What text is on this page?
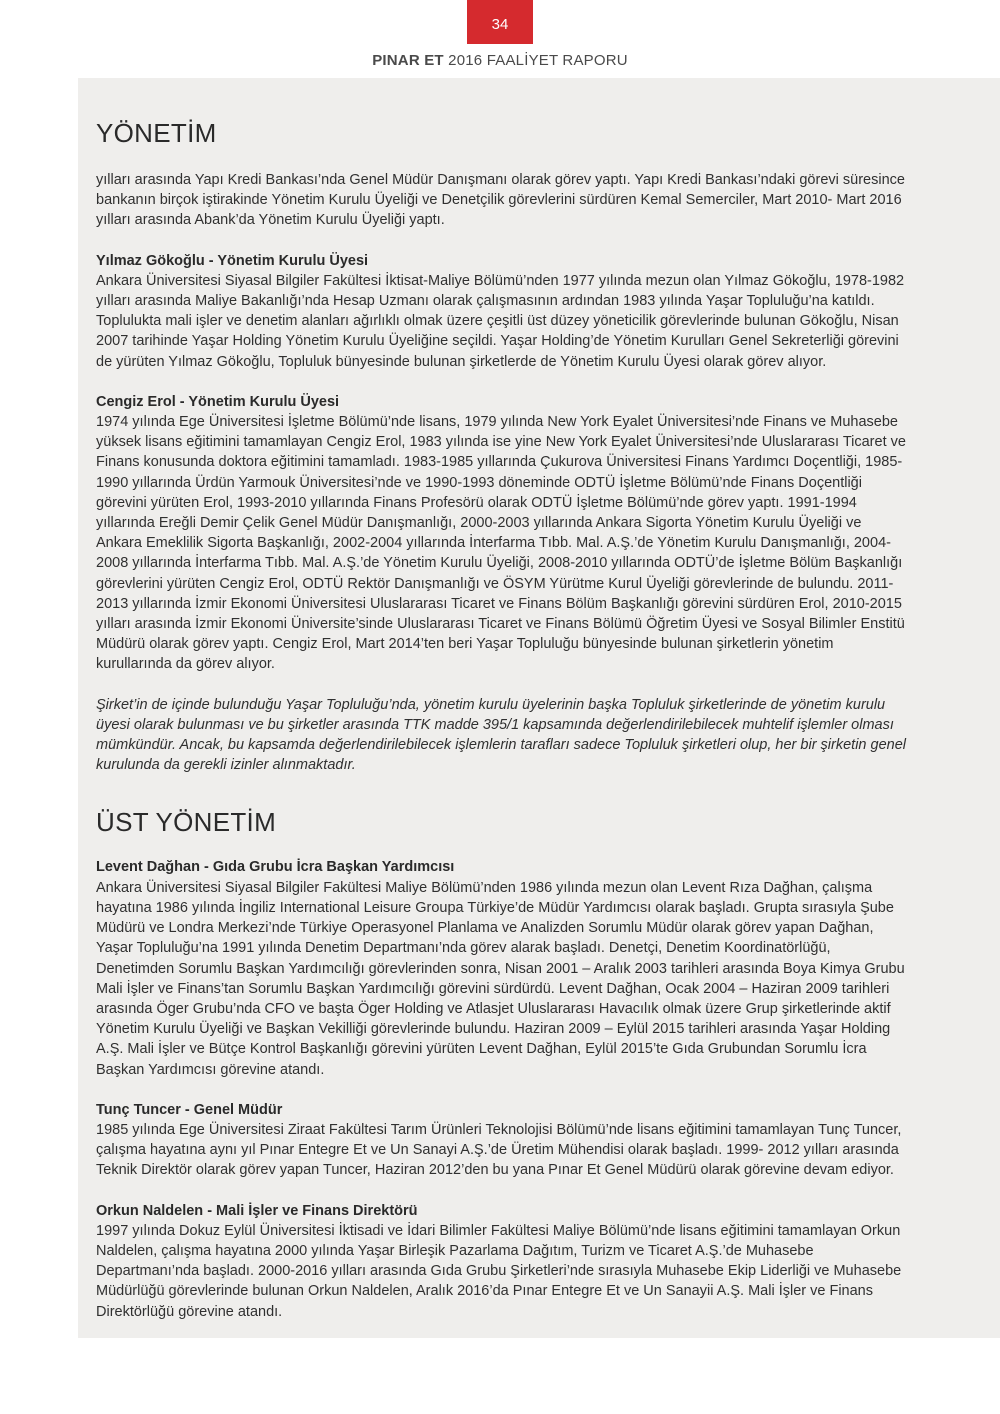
34
PINAR ET 2016 FAALİYET RAPORU
YÖNETİM

yılları arasında Yapı Kredi Bankası’nda Genel Müdür Danışmanı olarak görev yaptı. Yapı Kredi Bankası’ndaki görevi süresince bankanın birçok iştirakinde Yönetim Kurulu Üyeliği ve Denetçilik görevlerini sürdüren Kemal Semerciler, Mart 2010- Mart 2016 yılları arasında Abank’da Yönetim Kurulu Üyeliği yaptı.

Yılmaz Gökoğlu - Yönetim Kurulu Üyesi

Ankara Üniversitesi Siyasal Bilgiler Fakültesi İktisat-Maliye Bölümü’nden 1977 yılında mezun olan Yılmaz Gökoğlu, 1978-1982 yılları arasında Maliye Bakanlığı’nda Hesap Uzmanı olarak çalışmasının ardından 1983 yılında Yaşar Topluluğu’na katıldı. Toplulukta mali işler ve denetim alanları ağırlıklı olmak üzere çeşitli üst düzey yöneticilik görevlerinde bulunan Gökoğlu, Nisan 2007 tarihinde Yaşar Holding Yönetim Kurulu Üyeliğine seçildi. Yaşar Holding’de Yönetim Kurulları Genel Sekreterliği görevini de yürüten Yılmaz Gökoğlu, Topluluk bünyesinde bulunan şirketlerde de Yönetim Kurulu Üyesi olarak görev alıyor.

Cengiz Erol - Yönetim Kurulu Üyesi

1974 yılında Ege Üniversitesi İşletme Bölümü’nde lisans, 1979 yılında New York Eyalet Üniversitesi’nde Finans ve Muhasebe yüksek lisans eğitimini tamamlayan Cengiz Erol, 1983 yılında ise yine New York Eyalet Üniversitesi’nde Uluslararası Ticaret ve Finans konusunda doktora eğitimini tamamladı. 1983-1985 yıllarında Çukurova Üniversitesi Finans Yardımcı Doçentliği, 1985-1990 yıllarında Ürdün Yarmouk Üniversitesi’nde ve 1990-1993 döneminde ODTÜ İşletme Bölümü’nde Finans Doçentliği görevini yürüten Erol, 1993-2010 yıllarında Finans Profesörü olarak ODTÜ İşletme Bölümü’nde görev yaptı. 1991-1994 yıllarında Ereğli Demir Çelik Genel Müdür Danışmanlığı, 2000-2003 yıllarında Ankara Sigorta Yönetim Kurulu Üyeliği ve Ankara Emeklilik Sigorta Başkanlığı, 2002-2004 yıllarında İnterfarma Tıbb. Mal. A.Ş.’de Yönetim Kurulu Danışmanlığı, 2004-2008 yıllarında İnterfarma Tıbb. Mal. A.Ş.’de Yönetim Kurulu Üyeliği, 2008-2010 yıllarında ODTÜ’de İşletme Bölüm Başkanlığı görevlerini yürüten Cengiz Erol, ODTÜ Rektör Danışmanlığı ve ÖSYM Yürütme Kurul Üyeliği görevlerinde de bulundu. 2011-2013 yıllarında İzmir Ekonomi Üniversitesi Uluslararası Ticaret ve Finans Bölüm Başkanlığı görevini sürdüren Erol, 2010-2015 yılları arasında İzmir Ekonomi Üniversite’sinde Uluslararası Ticaret ve Finans Bölümü Öğretim Üyesi ve Sosyal Bilimler Enstitü Müdürü olarak görev yaptı. Cengiz Erol, Mart 2014’ten beri Yaşar Topluluğu bünyesinde bulunan şirketlerin yönetim kurullarında da görev alıyor.

Şirket’in de içinde bulunduğu Yaşar Topluluğu’nda, yönetim kurulu üyelerinin başka Topluluk şirketlerinde de yönetim kurulu üyesi olarak bulunması ve bu şirketler arasında TTK madde 395/1 kapsamında değerlendirilebilecek muhtelif işlemler olması mümkündür. Ancak, bu kapsamda değerlendirilebilecek işlemlerin tarafları sadece Topluluk şirketleri olup, her bir şirketin genel kurulunda da gerekli izinler alınmaktadır.

ÜST YÖNETİM

Levent Dağhan - Gıda Grubu İcra Başkan Yardımcısı

Ankara Üniversitesi Siyasal Bilgiler Fakültesi Maliye Bölümü’nden 1986 yılında mezun olan Levent Rıza Dağhan, çalışma hayatına 1986 yılında İngiliz International Leisure Groupa Türkiye’de Müdür Yardımcısı olarak başladı. Grupta sırasıyla Şube Müdürü ve Londra Merkezi’nde Türkiye Operasyonel Planlama ve Analizden Sorumlu Müdür olarak görev yapan Dağhan, Yaşar Topluluğu’na 1991 yılında Denetim Departmanı’nda görev alarak başladı. Denetçi, Denetim Koordinatörlüğü, Denetimden Sorumlu Başkan Yardımcılığı görevlerinden sonra, Nisan 2001 – Aralık 2003 tarihleri arasında Boya Kimya Grubu Mali İşler ve Finans’tan Sorumlu Başkan Yardımcılığı görevini sürdürdü. Levent Dağhan, Ocak 2004 – Haziran 2009 tarihleri arasında Öger Grubu’nda CFO ve başta Öger Holding ve Atlasjet Uluslararası Havacılık olmak üzere Grup şirketlerinde aktif Yönetim Kurulu Üyeliği ve Başkan Vekilliği görevlerinde bulundu. Haziran 2009 – Eylül 2015 tarihleri arasında Yaşar Holding A.Ş. Mali İşler ve Bütçe Kontrol Başkanlığı görevini yürüten Levent Dağhan, Eylül 2015’te Gıda Grubundan Sorumlu İcra Başkan Yardımcısı görevine atandı.

Tunç Tuncer - Genel Müdür

1985 yılında Ege Üniversitesi Ziraat Fakültesi Tarım Ürünleri Teknolojisi Bölümü’nde lisans eğitimini tamamlayan Tunç Tuncer, çalışma hayatına aynı yıl Pınar Entegre Et ve Un Sanayi A.Ş.’de Üretim Mühendisi olarak başladı. 1999- 2012 yılları arasında Teknik Direktör olarak görev yapan Tuncer, Haziran 2012’den bu yana Pınar Et Genel Müdürü olarak görevine devam ediyor.

Orkun Naldelen - Mali İşler ve Finans Direktörü

1997 yılında Dokuz Eylül Üniversitesi İktisadi ve İdari Bilimler Fakültesi Maliye Bölümü’nde lisans eğitimini tamamlayan Orkun Naldelen, çalışma hayatına 2000 yılında Yaşar Birleşik Pazarlama Dağıtım, Turizm ve Ticaret A.Ş.’de Muhasebe Departmanı’nda başladı. 2000-2016 yılları arasında Gıda Grubu Şirketleri’nde sırasıyla Muhasebe Ekip Liderliği ve Muhasebe Müdürlüğü görevlerinde bulunan Orkun Naldelen, Aralık 2016’da Pınar Entegre Et ve Un Sanayii A.Ş. Mali İşler ve Finans Direktörlüğü görevine atandı.
